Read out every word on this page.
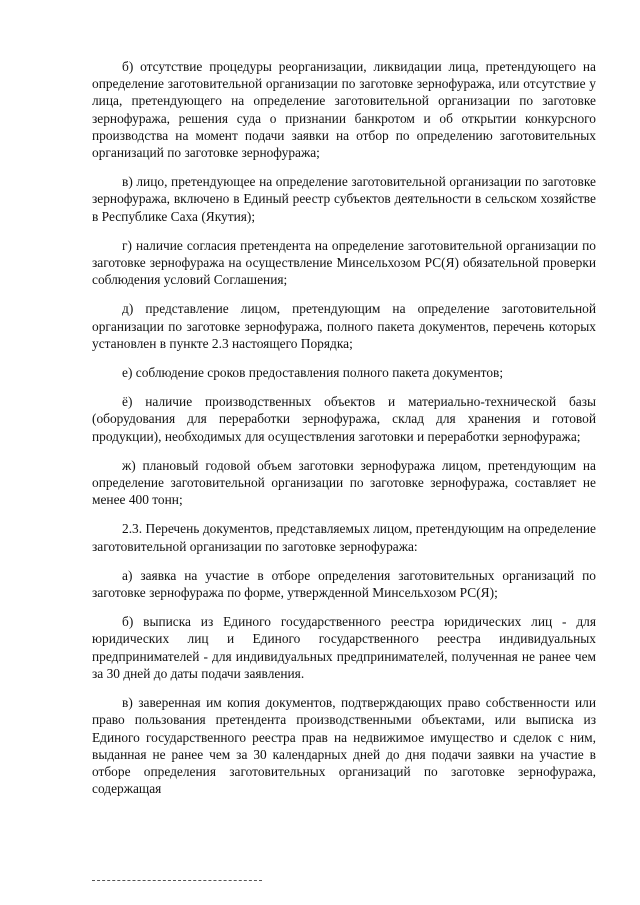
б) отсутствие процедуры реорганизации, ликвидации лица, претендующего на определение заготовительной организации по заготовке зернофуража, или отсутствие у лица, претендующего на определение заготовительной организации по заготовке зернофуража, решения суда о признании банкротом и об открытии конкурсного производства на момент подачи заявки на отбор по определению заготовительных организаций по заготовке зернофуража;

в) лицо, претендующее на определение заготовительной организации по заготовке зернофуража, включено в Единый реестр субъектов деятельности в сельском хозяйстве в Республике Саха (Якутия);

г) наличие согласия претендента на определение заготовительной организации по заготовке зернофуража на осуществление Минсельхозом РС(Я) обязательной проверки соблюдения условий Соглашения;

д) представление лицом, претендующим на определение заготовительной организации по заготовке зернофуража, полного пакета документов, перечень которых установлен в пункте 2.3 настоящего Порядка;

е) соблюдение сроков предоставления полного пакета документов;

ё) наличие производственных объектов и материально-технической базы (оборудования для переработки зернофуража, склад для хранения и готовой продукции), необходимых для осуществления заготовки и переработки зернофуража;

ж) плановый годовой объем заготовки зернофуража лицом, претендующим на определение заготовительной организации по заготовке зернофуража, составляет не менее 400 тонн;

2.3. Перечень документов, представляемых лицом, претендующим на определение заготовительной организации по заготовке зернофуража:

а) заявка на участие в отборе определения заготовительных организаций по заготовке зернофуража по форме, утвержденной Минсельхозом РС(Я);

б) выписка из Единого государственного реестра юридических лиц - для юридических лиц и Единого государственного реестра индивидуальных предпринимателей - для индивидуальных предпринимателей, полученная не ранее чем за 30 дней до даты подачи заявления.

в) заверенная им копия документов, подтверждающих право собственности или право пользования претендента производственными объектами, или выписка из Единого государственного реестра прав на недвижимое имущество и сделок с ним, выданная не ранее чем за 30 календарных дней до дня подачи заявки на участие в отборе определения заготовительных организаций по заготовке зернофуража, содержащая
